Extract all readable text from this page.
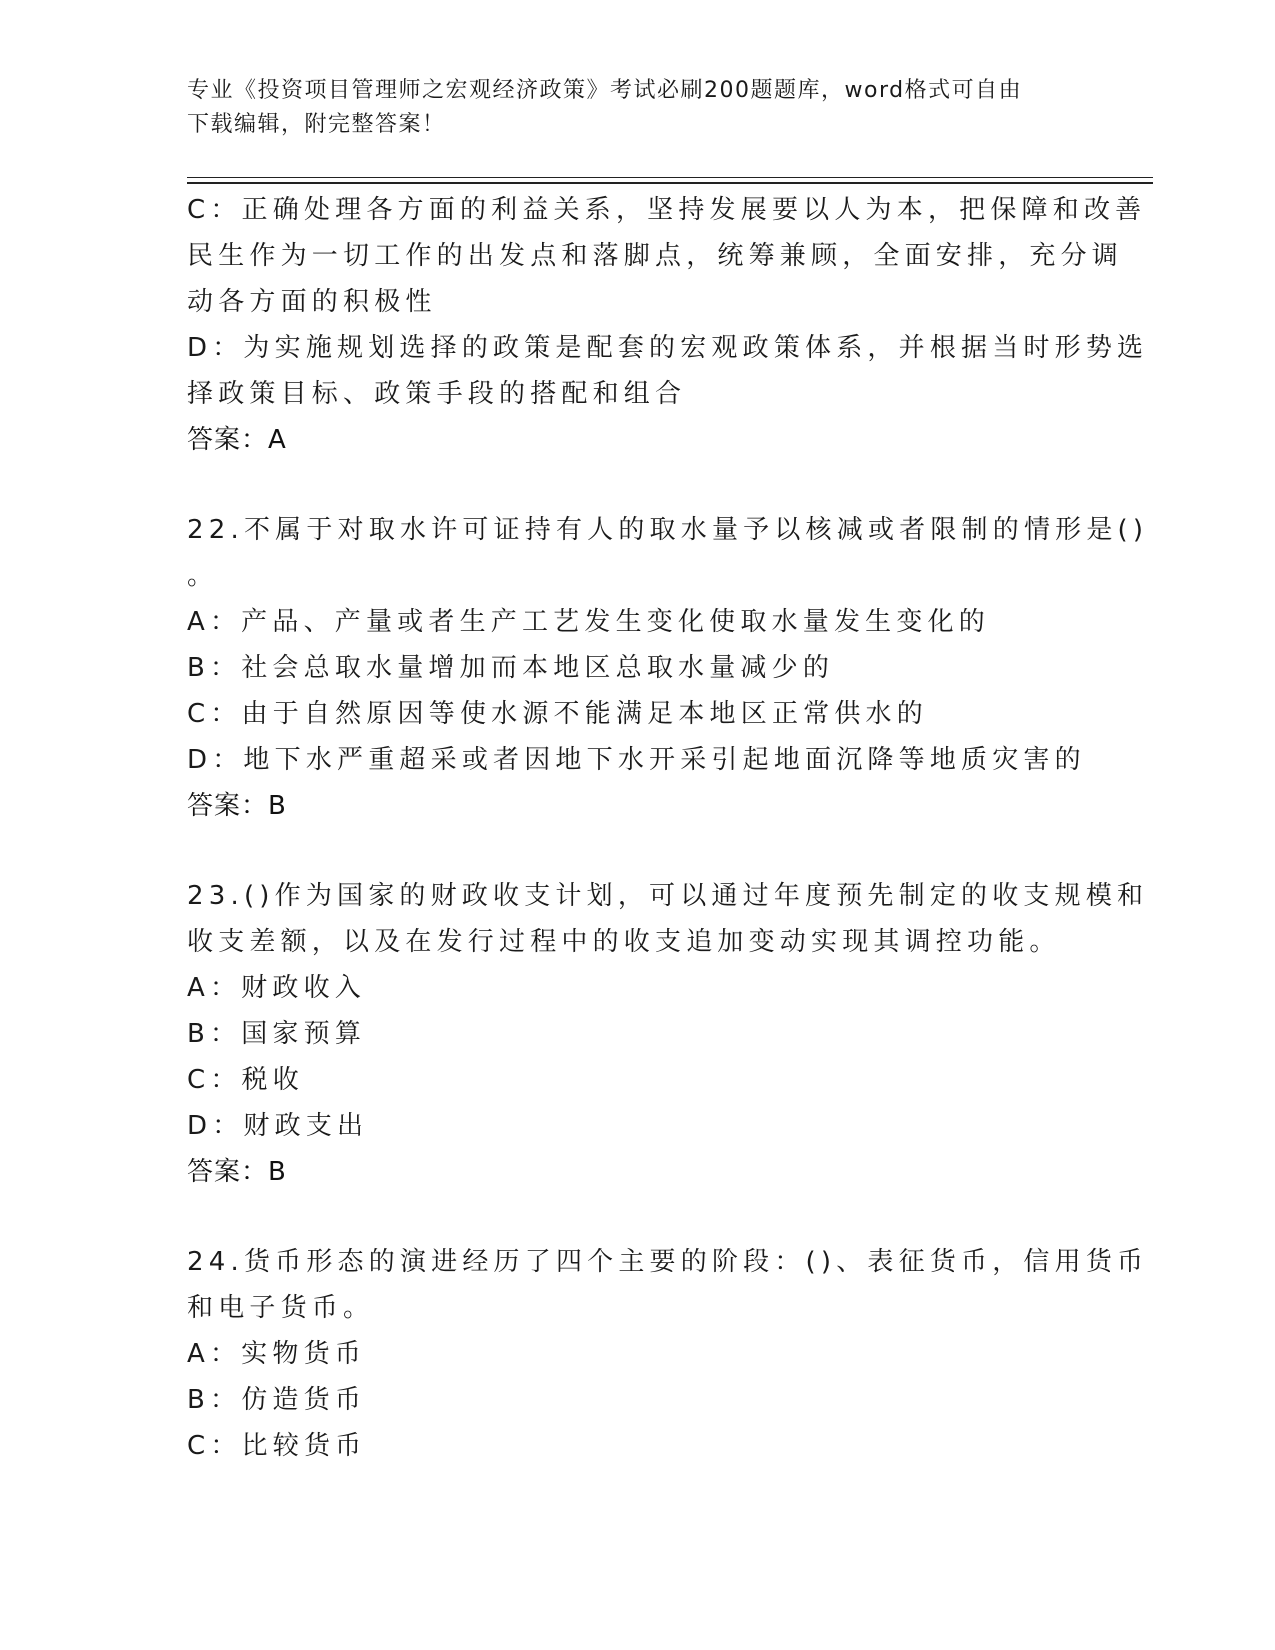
专业《投资项目管理师之宏观经济政策》考试必刷200题题库，word格式可自由
下载编辑，附完整答案！
C：正确处理各方面的利益关系，坚持发展要以人为本，把保障和改善
民生作为一切工作的出发点和落脚点，统筹兼顾，全面安排，充分调
动各方面的积极性
D：为实施规划选择的政策是配套的宏观政策体系，并根据当时形势选
择政策目标、政策手段的搭配和组合
答案：A
22.不属于对取水许可证持有人的取水量予以核减或者限制的情形是()
。
A：产品、产量或者生产工艺发生变化使取水量发生变化的
B：社会总取水量增加而本地区总取水量减少的
C：由于自然原因等使水源不能满足本地区正常供水的
D：地下水严重超采或者因地下水开采引起地面沉降等地质灾害的
答案：B
23.()作为国家的财政收支计划，可以通过年度预先制定的收支规模和
收支差额，以及在发行过程中的收支追加变动实现其调控功能。
A：财政收入
B：国家预算
C：税收
D：财政支出
答案：B
24.货币形态的演进经历了四个主要的阶段：()、表征货币，信用货币
和电子货币。
A：实物货币
B：仿造货币
C：比较货币
